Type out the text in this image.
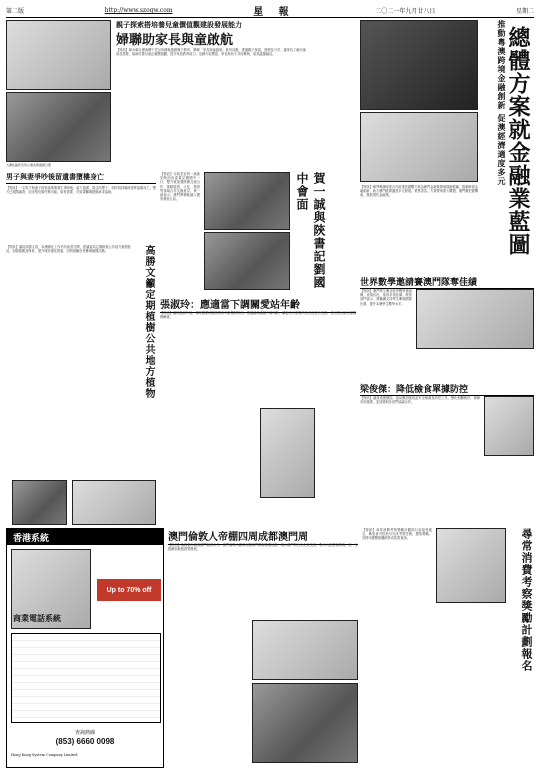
第二版	http://www.szogw.com	星 報	二〇二一年九月廿八日	星期二
親子探索搭培養兒童價值觀建設發展能力
婦聯助家長與童啟航
九澳社區托兒所小朋友與嘉賓合照
【特訊】婦女聯合總會轄下托兒所積極推動親子教育，舉辦「家長與童啟航」系列活動，透過親子探索、遊戲及分享，讓家長了解兒童成長需要，協助培養兒童正確價值觀，提升家庭教育能力。活動內容豐富，家長與孩子共同參與，氣氛溫馨融洽。	推動粵澳跨境金融創新 促澳經濟適度多元
總體方案就金融業藍圖
【特訊】橫琴粵澳深度合作區建設總體方案為澳門金融業發展描繪藍圖，推動跨境金融創新，助力澳門經濟適度多元發展。業界認為，方案帶來重大機遇，澳門應把握機會，發展現代金融業。
男子與妻爭吵後留遺書墮樓身亡
【特訊】一名男子與妻子因家庭瑣事發生爭吵後，留下遺書，從住所墮下，消防員到場時證實當場死亡。警方已展開調查，初步相信事件無可疑。如有需要，可致電輔導熱線尋求協助。
【特訊】行政長官賀一誠會見陝西省委書記劉國中一行，雙方就加強陝澳交流合作，推動經貿、文化、旅遊等領域合作交換意見。賀一誠表示，澳門將積極融入國家發展大局。	賀一誠與陝書記劉國中會面
【特訊】議員高勝文指，本澳綠化工作仍有改善空間，建議當局定期檢視公共地方植物狀況，加強植樹及保育，提升城市綠化質素，同時鼓勵市民參與植樹活動。	高勝文籲定期植樹公共地方植物	世界數學邀請賽澳門隊奪佳績
【特訊】澳門學生參加世界數學邀請賽，表現出色，取得多項佳績。教育部門表示，將繼續支持學生參與國際比賽，提升本澳學生數學水平。
張淑玲：應適當下調關愛站年齡
【特訊】議員張淑玲指，現時關愛站服務對象年齡限制較高，建議當局適當下調年齡，讓更多有需要的長者及居民受惠，並完善社區支援服務網絡。
梁俊傑：降低檢食單據防控
【特訊】議員梁俊傑指，當局應加強食品安全檢測及防控工作，簡化相關程序，保障市民健康，並加強與各部門協調合作。
香港系統
商業電話系統
Up to 70% off
查詢熱線
(853) 6660 0098
Hong Kong System Company Limited
澳門倫敦人帝棚四周成都澳門周
【特訊】為推動內地與澳門旅遊合作，澳門倫敦人聯同有關部門舉辦推廣活動，展示澳門特色文化及美食，吸引大批旅客參與，進一步推動兩地旅遊業發展。
【特訊】尋常消費考察獎勵計劃即日起接受報名，參加者可按指引完成考察任務，獲取獎勵。詳情可瀏覽相關網頁或致電查詢。	尋常消費考察獎勵計劃報名
